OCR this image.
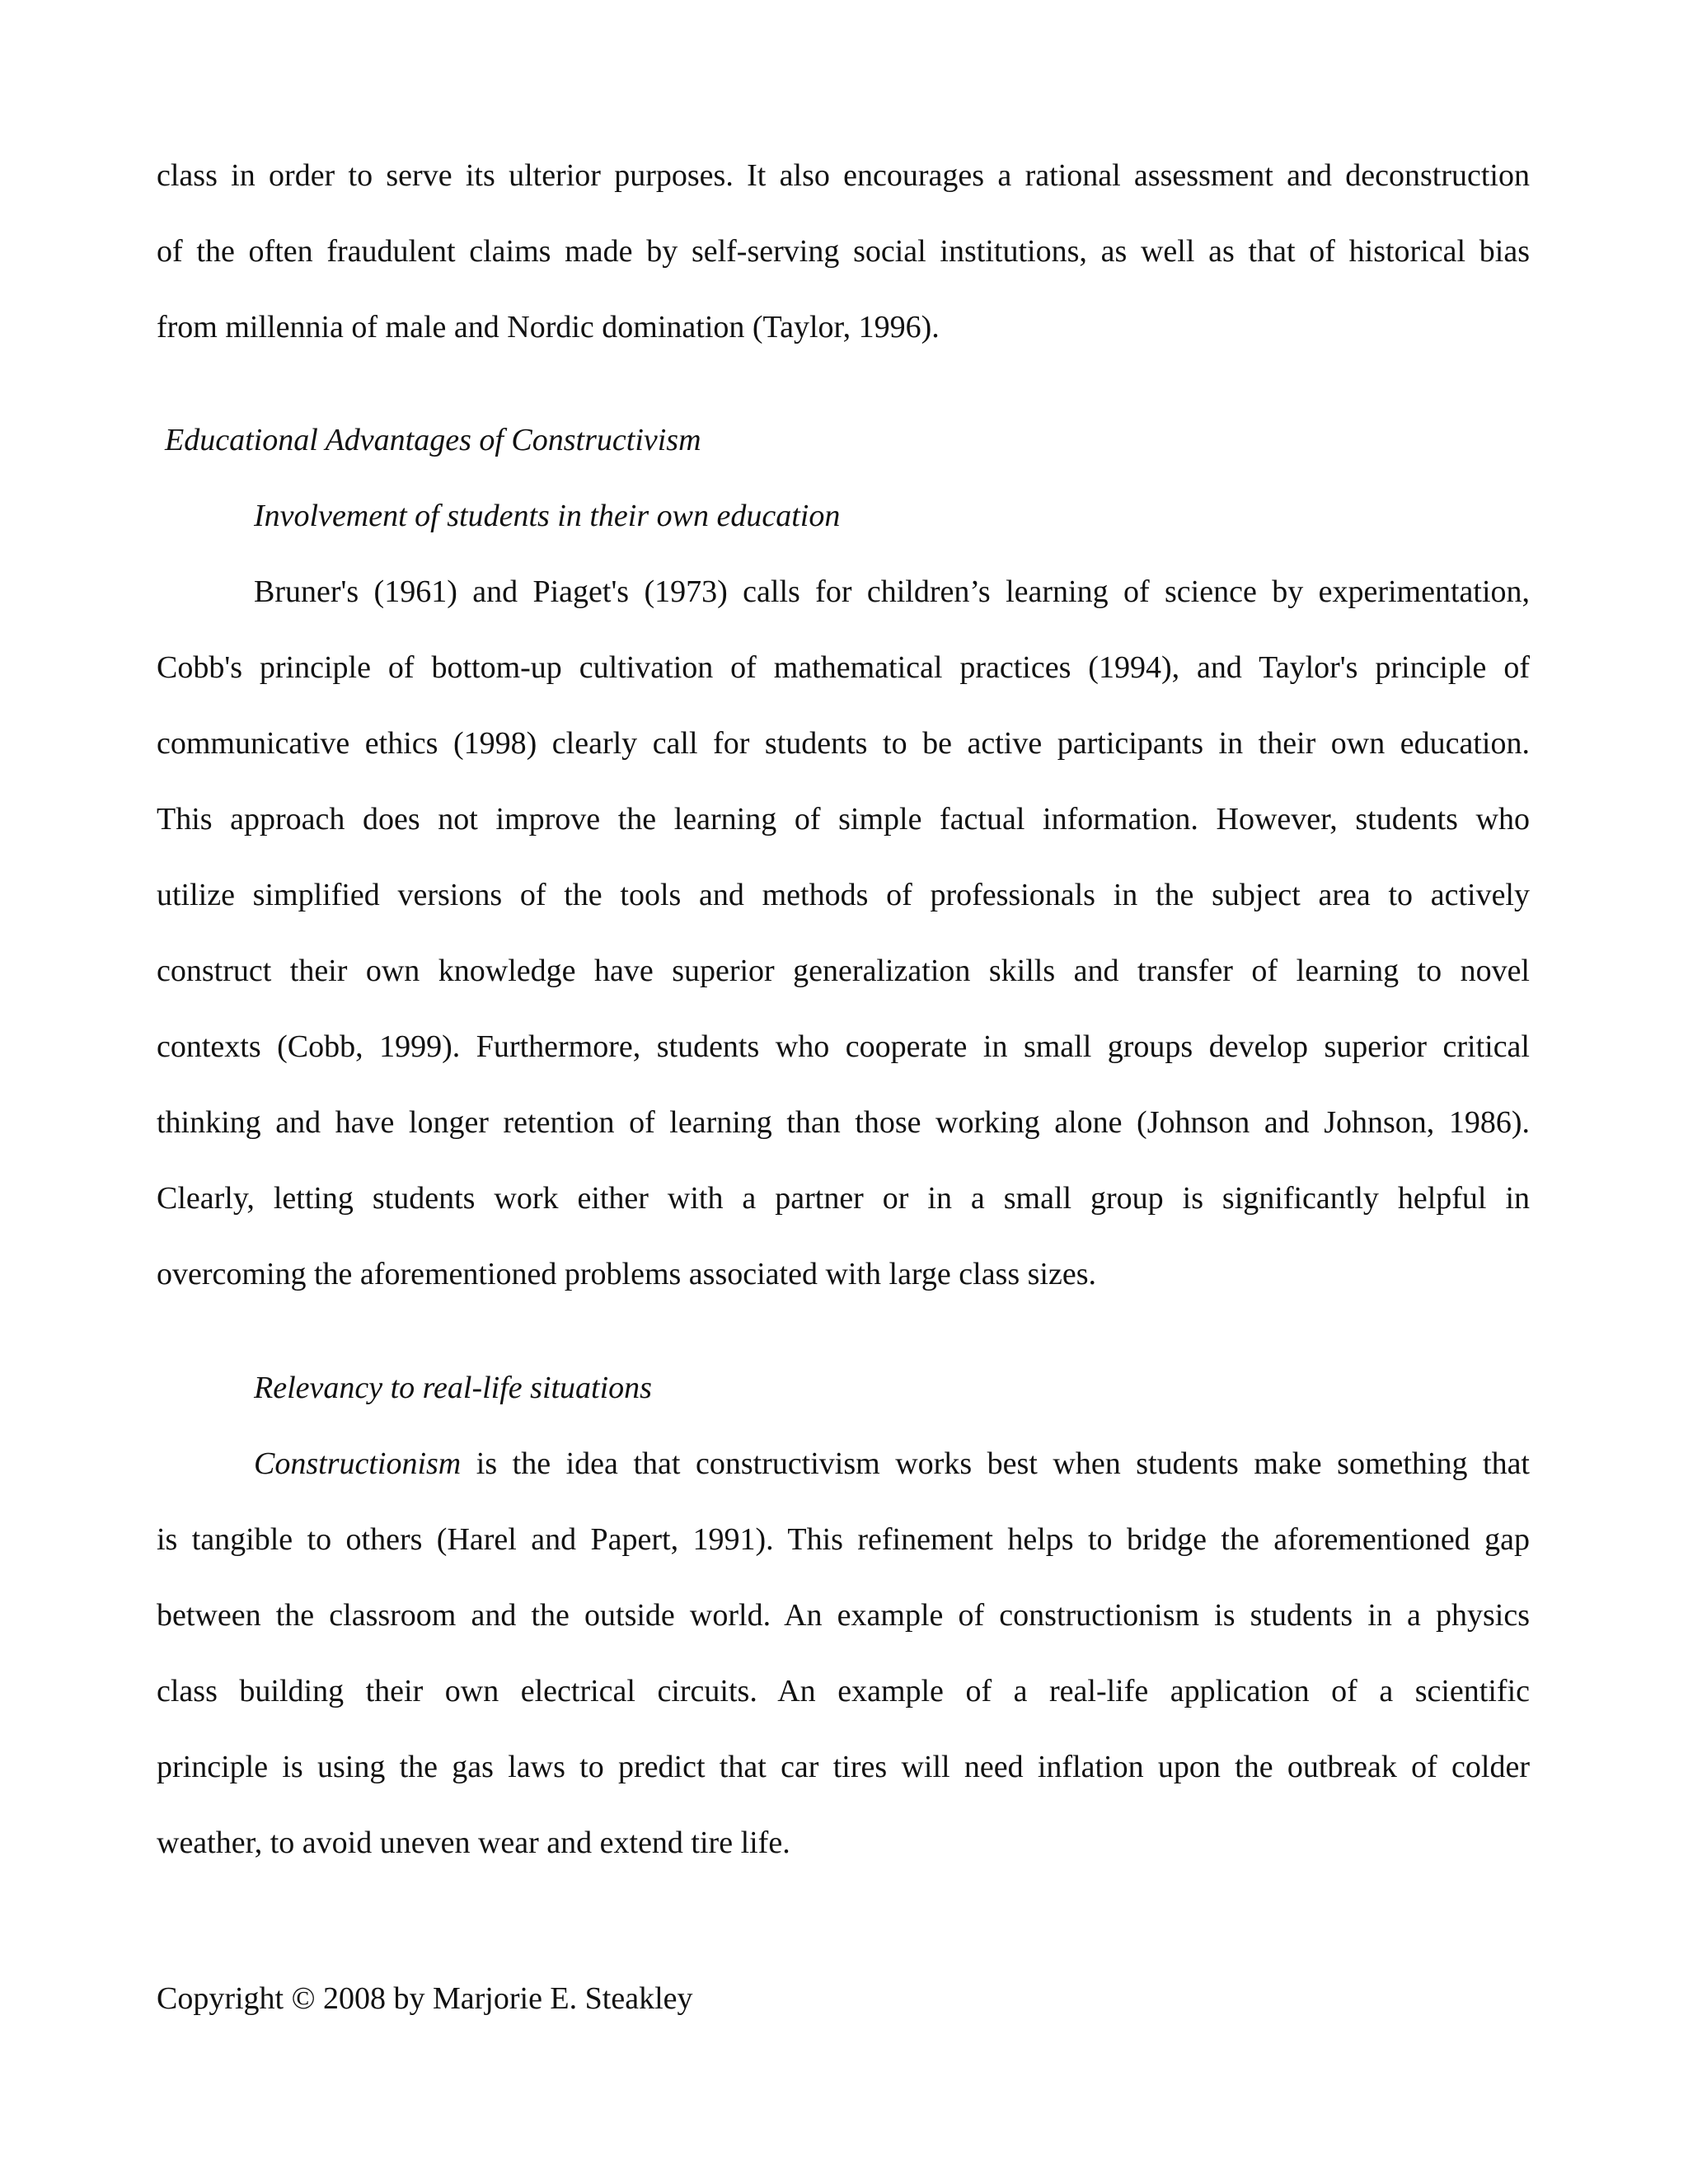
class in order to serve its ulterior purposes. It also encourages a rational assessment and deconstruction

of the often fraudulent claims made by self-serving social institutions, as well as that of historical bias

from millennia of male and Nordic domination (Taylor, 1996).

Educational Advantages of Constructivism

Involvement of students in their own education

Bruner's (1961) and Piaget's (1973) calls for children’s learning of science by experimentation,

Cobb's principle of bottom-up cultivation of mathematical practices (1994), and Taylor's principle of

communicative ethics (1998) clearly call for students to be active participants in their own education.

This approach does not improve the learning of simple factual information. However, students who

utilize simplified versions of the tools and methods of professionals in the subject area to actively

construct their own knowledge have superior generalization skills and transfer of learning to novel

contexts (Cobb, 1999). Furthermore, students who cooperate in small groups develop superior critical

thinking and have longer retention of learning than those working alone (Johnson and Johnson, 1986).

Clearly, letting students work either with a partner or in a small group is significantly helpful in

overcoming the aforementioned problems associated with large class sizes.

Relevancy to real-life situations

Constructionism is the idea that constructivism works best when students make something that

is tangible to others (Harel and Papert, 1991). This refinement helps to bridge the aforementioned gap

between the classroom and the outside world. An example of constructionism is students in a physics

class building their own electrical circuits. An example of a real-life application of a scientific

principle is using the gas laws to predict that car tires will need inflation upon the outbreak of colder

weather, to avoid uneven wear and extend tire life.

Copyright © 2008 by Marjorie E. Steakley
